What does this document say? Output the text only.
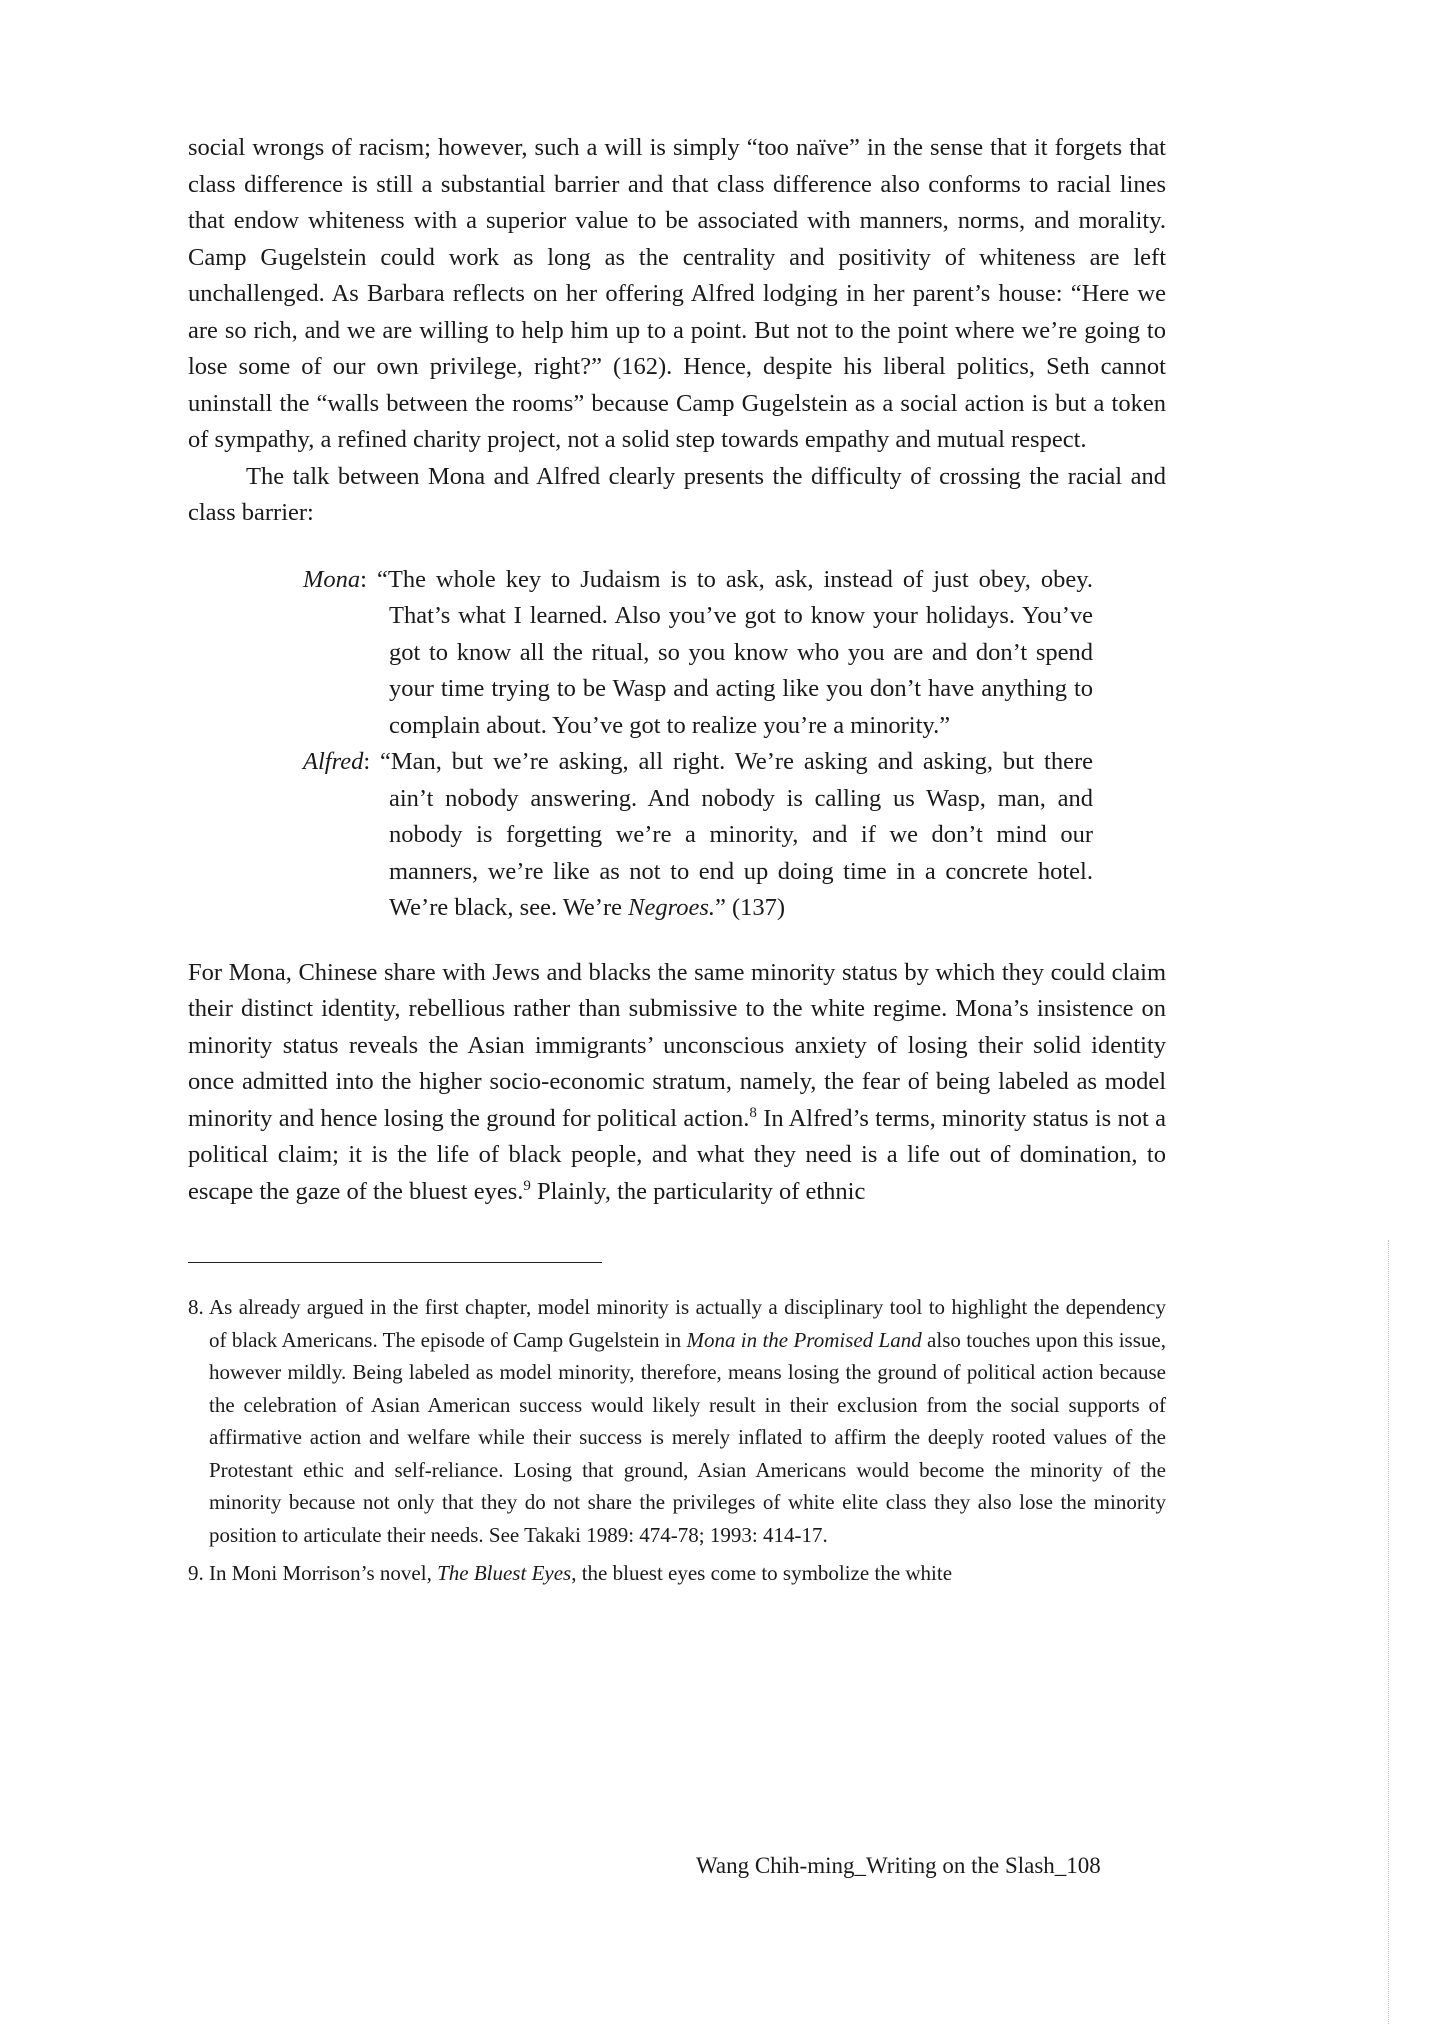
social wrongs of racism; however, such a will is simply “too naïve” in the sense that it forgets that class difference is still a substantial barrier and that class difference also conforms to racial lines that endow whiteness with a superior value to be associated with manners, norms, and morality. Camp Gugelstein could work as long as the centrality and positivity of whiteness are left unchallenged. As Barbara reflects on her offering Alfred lodging in her parent’s house: “Here we are so rich, and we are willing to help him up to a point. But not to the point where we’re going to lose some of our own privilege, right?” (162). Hence, despite his liberal politics, Seth cannot uninstall the “walls between the rooms” because Camp Gugelstein as a social action is but a token of sympathy, a refined charity project, not a solid step towards empathy and mutual respect.

The talk between Mona and Alfred clearly presents the difficulty of crossing the racial and class barrier:

Mona: “The whole key to Judaism is to ask, ask, instead of just obey, obey. That’s what I learned. Also you’ve got to know your holidays. You’ve got to know all the ritual, so you know who you are and don’t spend your time trying to be Wasp and acting like you don’t have anything to complain about. You’ve got to realize you’re a minority.”

Alfred: “Man, but we’re asking, all right. We’re asking and asking, but there ain’t nobody answering. And nobody is calling us Wasp, man, and nobody is forgetting we’re a minority, and if we don’t mind our manners, we’re like as not to end up doing time in a concrete hotel. We’re black, see. We’re Negroes.” (137)

For Mona, Chinese share with Jews and blacks the same minority status by which they could claim their distinct identity, rebellious rather than submissive to the white regime. Mona’s insistence on minority status reveals the Asian immigrants’ unconscious anxiety of losing their solid identity once admitted into the higher socio-economic stratum, namely, the fear of being labeled as model minority and hence losing the ground for political action.$^8$ In Alfred’s terms, minority status is not a political claim; it is the life of black people, and what they need is a life out of domination, to escape the gaze of the bluest eyes.$^9$ Plainly, the particularity of ethnic

8. As already argued in the first chapter, model minority is actually a disciplinary tool to highlight the dependency of black Americans. The episode of Camp Gugelstein in Mona in the Promised Land also touches upon this issue, however mildly. Being labeled as model minority, therefore, means losing the ground of political action because the celebration of Asian American success would likely result in their exclusion from the social supports of affirmative action and welfare while their success is merely inflated to affirm the deeply rooted values of the Protestant ethic and self-reliance. Losing that ground, Asian Americans would become the minority of the minority because not only that they do not share the privileges of white elite class they also lose the minority position to articulate their needs. See Takaki 1989: 474-78; 1993: 414-17.

9. In Moni Morrison’s novel, The Bluest Eyes, the bluest eyes come to symbolize the white

Wang Chih-ming_Writing on the Slash_108
